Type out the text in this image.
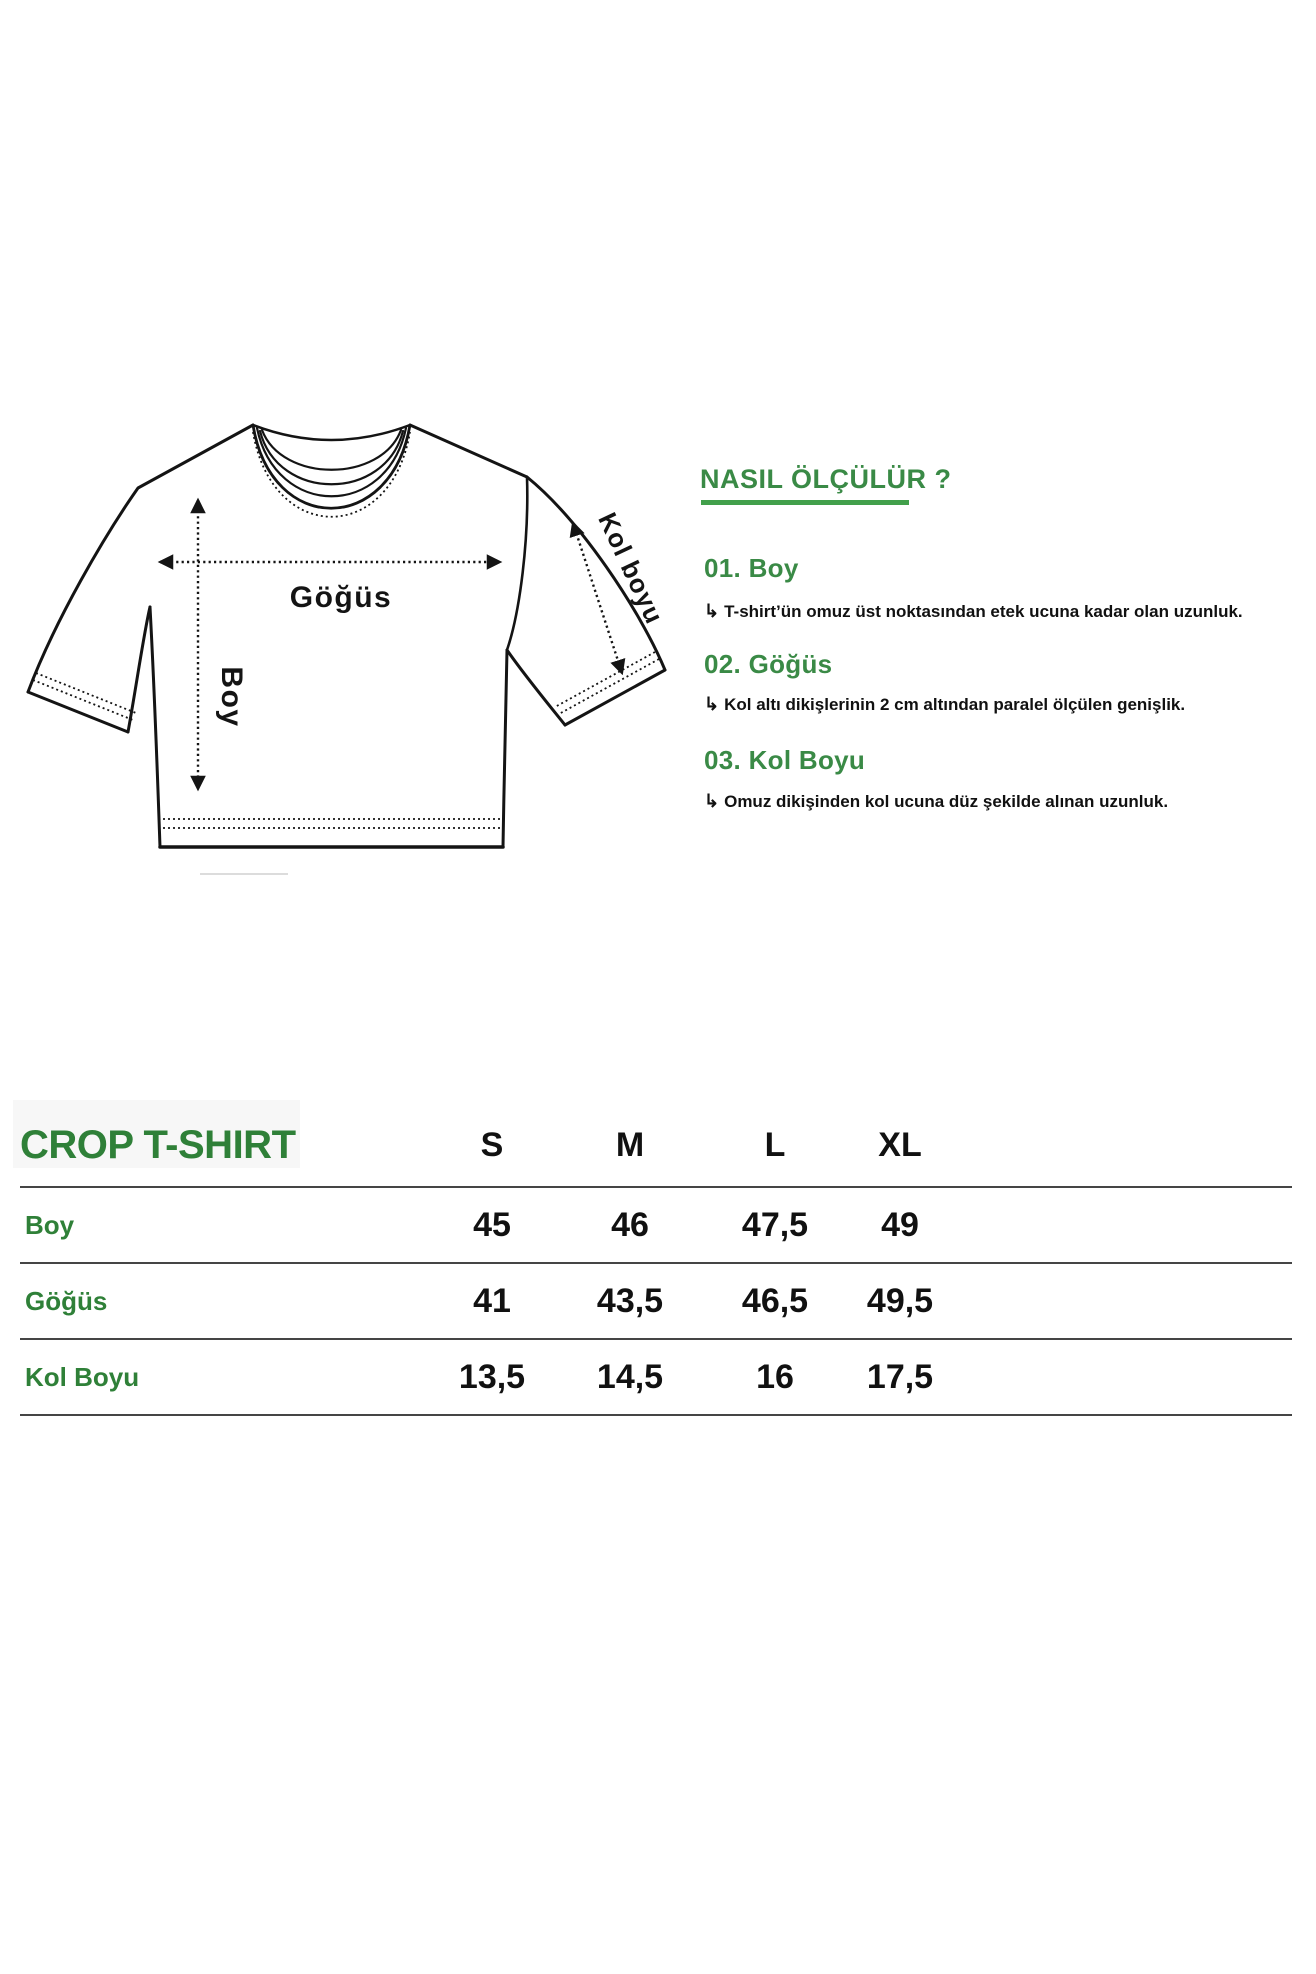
Göğüs
Boy
Kol boyu
NASIL ÖLÇÜLÜR ?
01. Boy
↳ T-shirt’ün omuz üst noktasından etek ucuna kadar olan uzunluk.
02. Göğüs
↳ Kol altı dikişlerinin 2 cm altından paralel ölçülen genişlik.
03. Kol Boyu
↳ Omuz dikişinden kol ucuna düz şekilde alınan uzunluk.
CROP T-SHIRT	S	M	L	XL
Boy	45	46	47,5	49
Göğüs	41	43,5	46,5	49,5
Kol Boyu	13,5	14,5	16	17,5
